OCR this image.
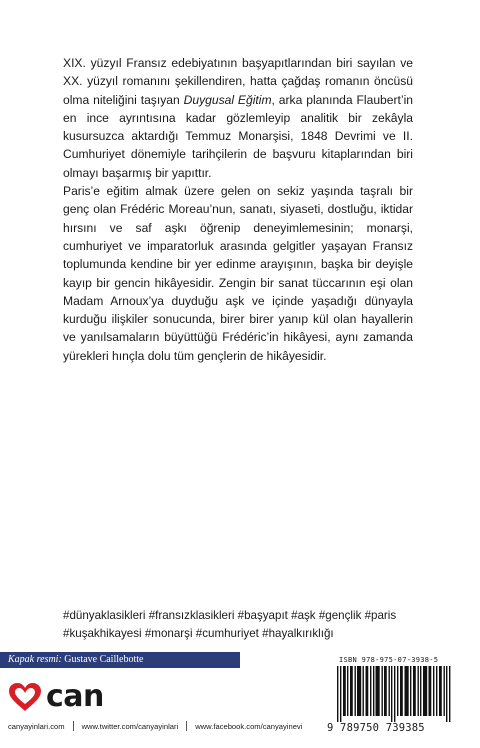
XIX. yüzyıl Fransız edebiyatının başyapıtlarından biri sayılan ve XX. yüzyıl romanını şekillendiren, hatta çağdaş romanın öncüsü olma niteliğini taşıyan Duygusal Eğitim, arka planında Flaubert’in en ince ayrıntısına kadar gözlemleyip analitik bir zekâyla kusursuzca aktardığı Temmuz Monarşisi, 1848 Devrimi ve II. Cumhuriyet dönemiyle tarihçilerin de başvuru kitaplarından biri olmayı başarmış bir yapıttır.

Paris’e eğitim almak üzere gelen on sekiz yaşında taşralı bir genç olan Frédéric Moreau’nun, sanatı, siyaseti, dostluğu, iktidar hırsını ve saf aşkı öğrenip deneyimlemesinin; monarşi, cumhuriyet ve imparatorluk arasında gelgitler yaşayan Fransız toplumunda kendine bir yer edinme arayışının, başka bir deyişle kayıp bir gencin hikâyesidir. Zengin bir sanat tüccarının eşi olan Madam Arnoux’ya duyduğu aşk ve içinde yaşadığı dünyayla kurduğu ilişkiler sonucunda, birer birer yanıp kül olan hayallerin ve yanılsamaların büyüttüğü Frédéric’in hikâyesi, aynı zamanda yürekleri hınçla dolu tüm gençlerin de hikâyesidir.

#dünyaklasikleri #fransızklasikleri #başyapıt #aşk #gençlik #paris
#kuşakhikayesi #monarşi #cumhuriyet #hayalkırıklığı
Kapak resmi: Gustave Caillebotte
can
canyayinlari.com www.twitter.com/canyayinlari www.facebook.com/canyayinevi
ISBN 978-975-07-3938-5
9 789750 739385
